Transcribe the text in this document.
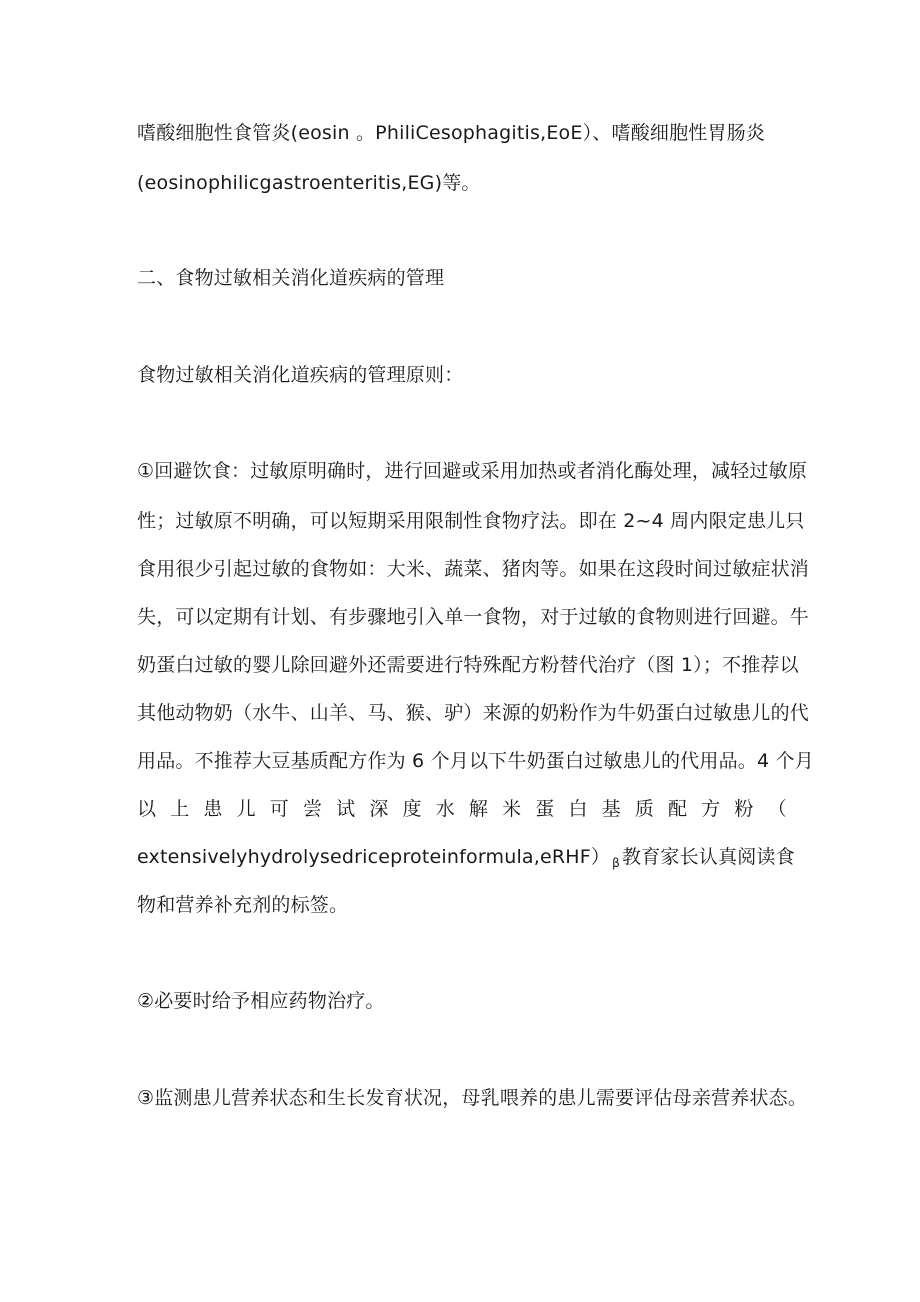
嗜酸细胞性食管炎(eosin 。PhiliCesophagitis,EoE）、嗜酸细胞性胃肠炎
(eosinophilicgastroenteritis,EG)等。
二、食物过敏相关消化道疾病的管理
食物过敏相关消化道疾病的管理原则：
①回避饮食：过敏原明确时，进行回避或采用加热或者消化酶处理，减轻过敏原
性；过敏原不明确，可以短期采用限制性食物疗法。即在 2~4 周内限定患儿只
食用很少引起过敏的食物如：大米、蔬菜、猪肉等。如果在这段时间过敏症状消
失，可以定期有计划、有步骤地引入单一食物，对于过敏的食物则进行回避。牛
奶蛋白过敏的婴儿除回避外还需要进行特殊配方粉替代治疗（图 1）；不推荐以
其他动物奶（水牛、山羊、马、猴、驴）来源的奶粉作为牛奶蛋白过敏患儿的代
用品。不推荐大豆基质配方作为 6 个月以下牛奶蛋白过敏患儿的代用品。4 个月
以 上 患 儿 可 尝 试 深 度 水 解 米 蛋 白 基 质 配 方 粉 （
extensivelyhydrolysedriceproteinformula,eRHF） $_\beta$ 教育家长认真阅读食
物和营养补充剂的标签。
②必要时给予相应药物治疗。
③监测患儿营养状态和生长发育状况，母乳喂养的患儿需要评估母亲营养状态。
